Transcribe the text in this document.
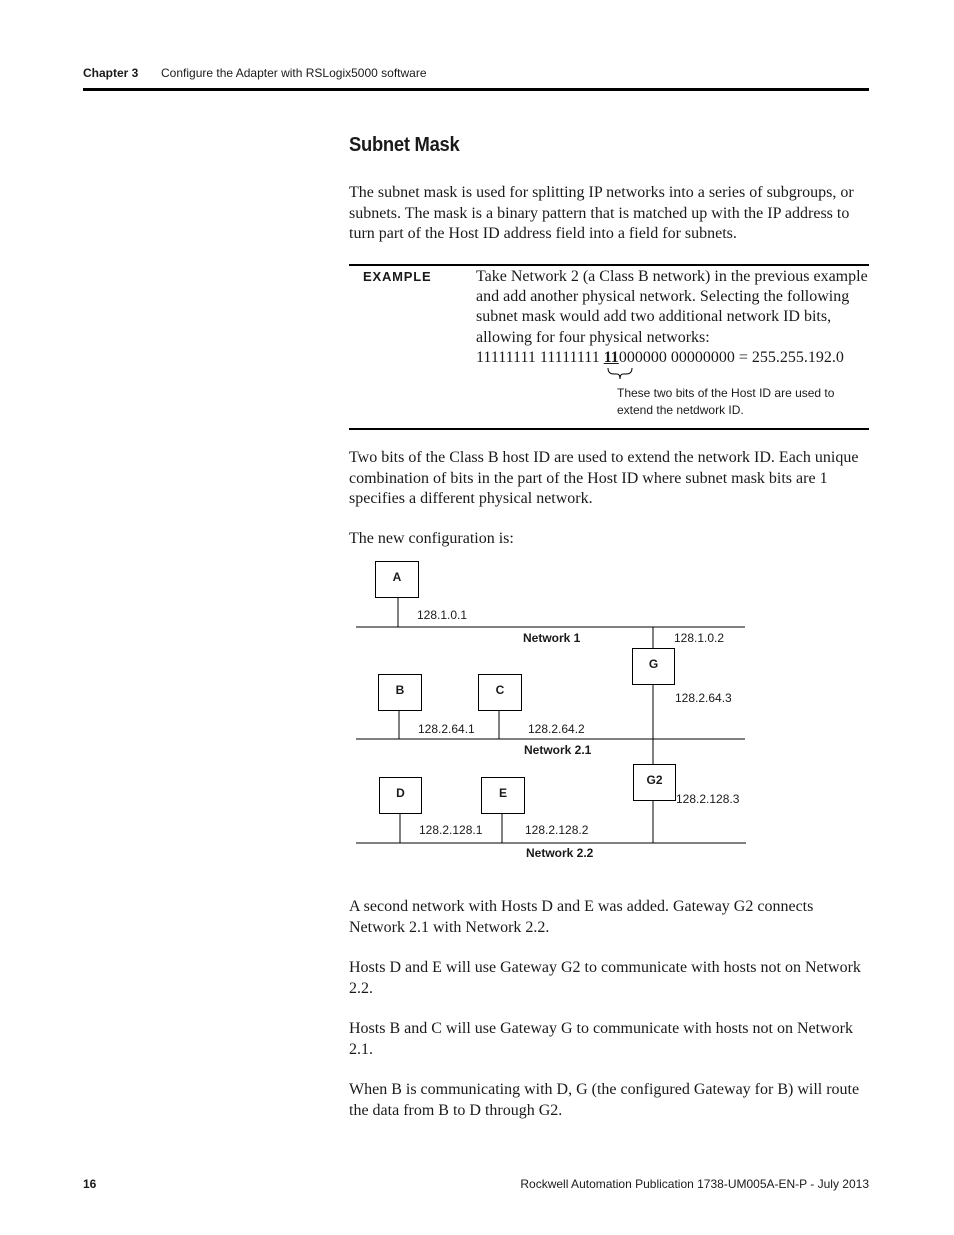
Chapter 3 Configure the Adapter with RSLogix5000 software
Subnet Mask

The subnet mask is used for splitting IP networks into a series of subgroups, or subnets. The mask is a binary pattern that is matched up with the IP address to turn part of the Host ID address field into a field for subnets.

EXAMPLE	Take Network 2 (a Class B network) in the previous example and add another physical network. Selecting the following subnet mask would add two additional network ID bits, allowing for four physical networks:
11111111 11111111 11000000 00000000 = 255.255.192.0
These two bits of the Host ID are used to extend the netdwork ID.

Two bits of the Class B host ID are used to extend the network ID. Each unique combination of bits in the part of the Host ID where subnet mask bits are 1 specifies a different physical network.

The new configuration is:

A
128.1.0.1
Network 1	128.1.0.2
G
128.2.64.3
B	C
128.2.64.1	128.2.64.2
Network 2.1
G2
128.2.128.3
D	E
128.2.128.1	128.2.128.2
Network 2.2

A second network with Hosts D and E was added. Gateway G2 connects Network 2.1 with Network 2.2.

Hosts D and E will use Gateway G2 to communicate with hosts not on Network 2.2.

Hosts B and C will use Gateway G to communicate with hosts not on Network 2.1.

When B is communicating with D, G (the configured Gateway for B) will route the data from B to D through G2.

16	Rockwell Automation Publication 1738-UM005A-EN-P - July 2013
